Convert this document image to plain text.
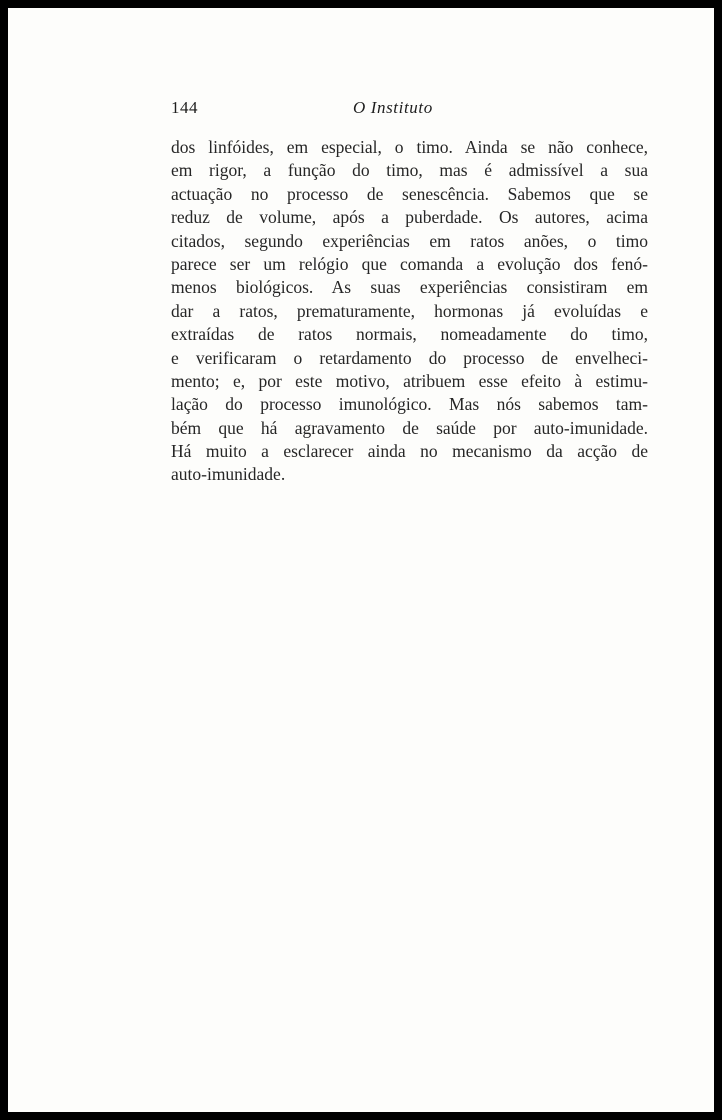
144	O Instituto
dos linfóides, em especial, o timo. Ainda se não conhece,
em rigor, a função do timo, mas é admissível a sua
actuação no processo de senescência. Sabemos que se
reduz de volume, após a puberdade. Os autores, acima
citados, segundo experiências em ratos anões, o timo
parece ser um relógio que comanda a evolução dos fenó-
menos biológicos. As suas experiências consistiram em
dar a ratos, prematuramente, hormonas já evoluídas e
extraídas de ratos normais, nomeadamente do timo,
e verificaram o retardamento do processo de envelheci-
mento; e, por este motivo, atribuem esse efeito à estimu-
lação do processo imunológico. Mas nós sabemos tam-
bém que há agravamento de saúde por auto-imunidade.
Há muito a esclarecer ainda no mecanismo da acção de
auto-imunidade.
